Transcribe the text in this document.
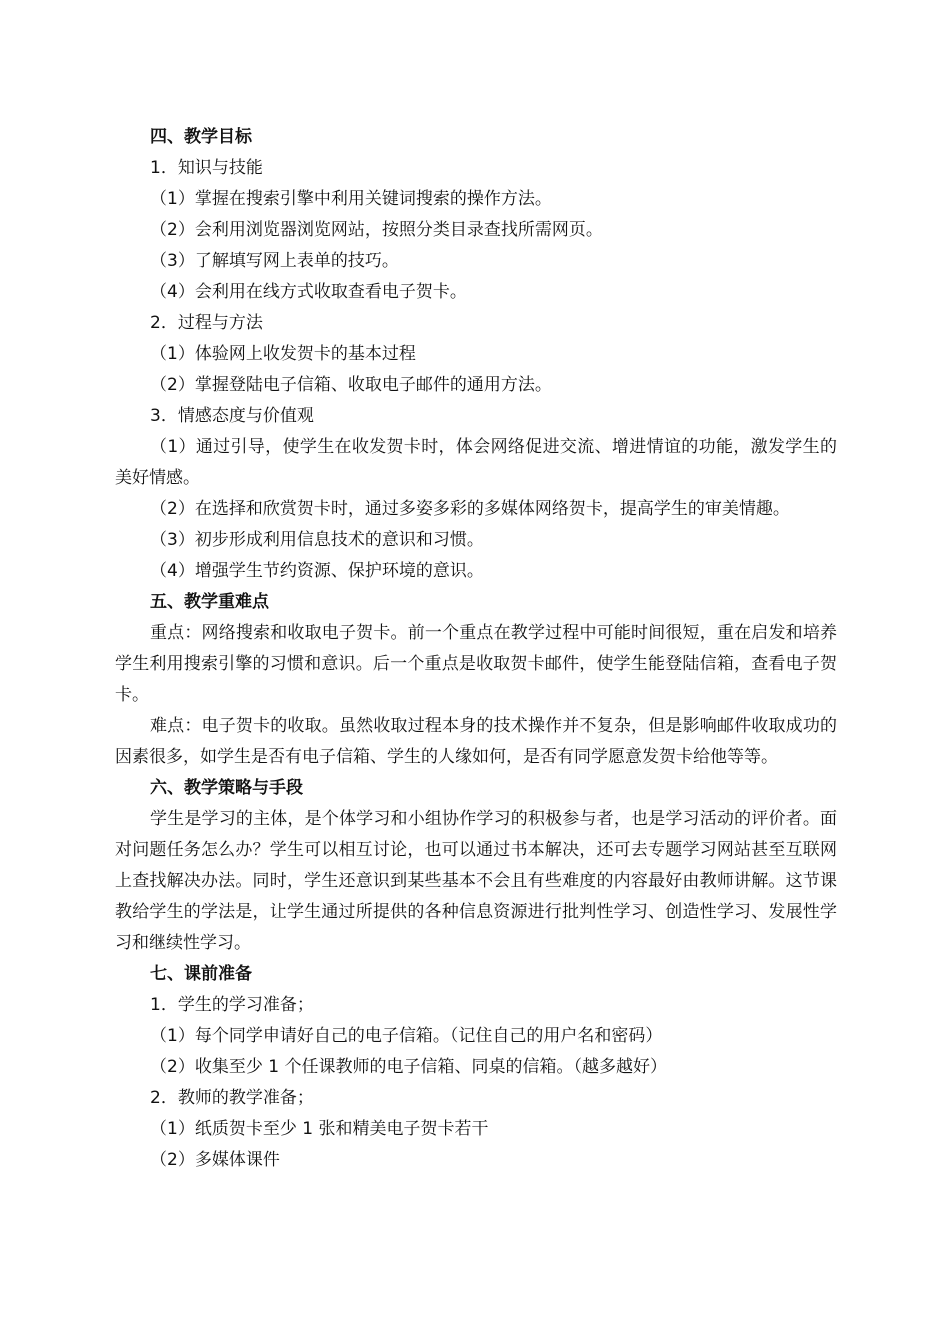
四、教学目标
1．知识与技能
（1）掌握在搜索引擎中利用关键词搜索的操作方法。
（2）会利用浏览器浏览网站，按照分类目录查找所需网页。
（3）了解填写网上表单的技巧。
（4）会利用在线方式收取查看电子贺卡。
2．过程与方法
（1）体验网上收发贺卡的基本过程
（2）掌握登陆电子信箱、收取电子邮件的通用方法。
3．情感态度与价值观

（1）通过引导，使学生在收发贺卡时，体会网络促进交流、增进情谊的功能，激发学生的美好情感。

（2）在选择和欣赏贺卡时，通过多姿多彩的多媒体网络贺卡，提高学生的审美情趣。

（3）初步形成利用信息技术的意识和习惯。
（4）增强学生节约资源、保护环境的意识。
五、教学重难点

重点：网络搜索和收取电子贺卡。前一个重点在教学过程中可能时间很短，重在启发和培养学生利用搜索引擎的习惯和意识。后一个重点是收取贺卡邮件，使学生能登陆信箱，查看电子贺卡。

难点：电子贺卡的收取。虽然收取过程本身的技术操作并不复杂，但是影响邮件收取成功的因素很多，如学生是否有电子信箱、学生的人缘如何，是否有同学愿意发贺卡给他等等。

六、教学策略与手段

学生是学习的主体，是个体学习和小组协作学习的积极参与者，也是学习活动的评价者。面对问题任务怎么办？学生可以相互讨论，也可以通过书本解决，还可去专题学习网站甚至互联网上查找解决办法。同时，学生还意识到某些基本不会且有些难度的内容最好由教师讲解。这节课教给学生的学法是，让学生通过所提供的各种信息资源进行批判性学习、创造性学习、发展性学习和继续性学习。

七、课前准备
1．学生的学习准备；
（1）每个同学申请好自己的电子信箱。（记住自己的用户名和密码）
（2）收集至少 1 个任课教师的电子信箱、同桌的信箱。（越多越好）
2．教师的教学准备；
（1）纸质贺卡至少 1 张和精美电子贺卡若干
（2）多媒体课件
